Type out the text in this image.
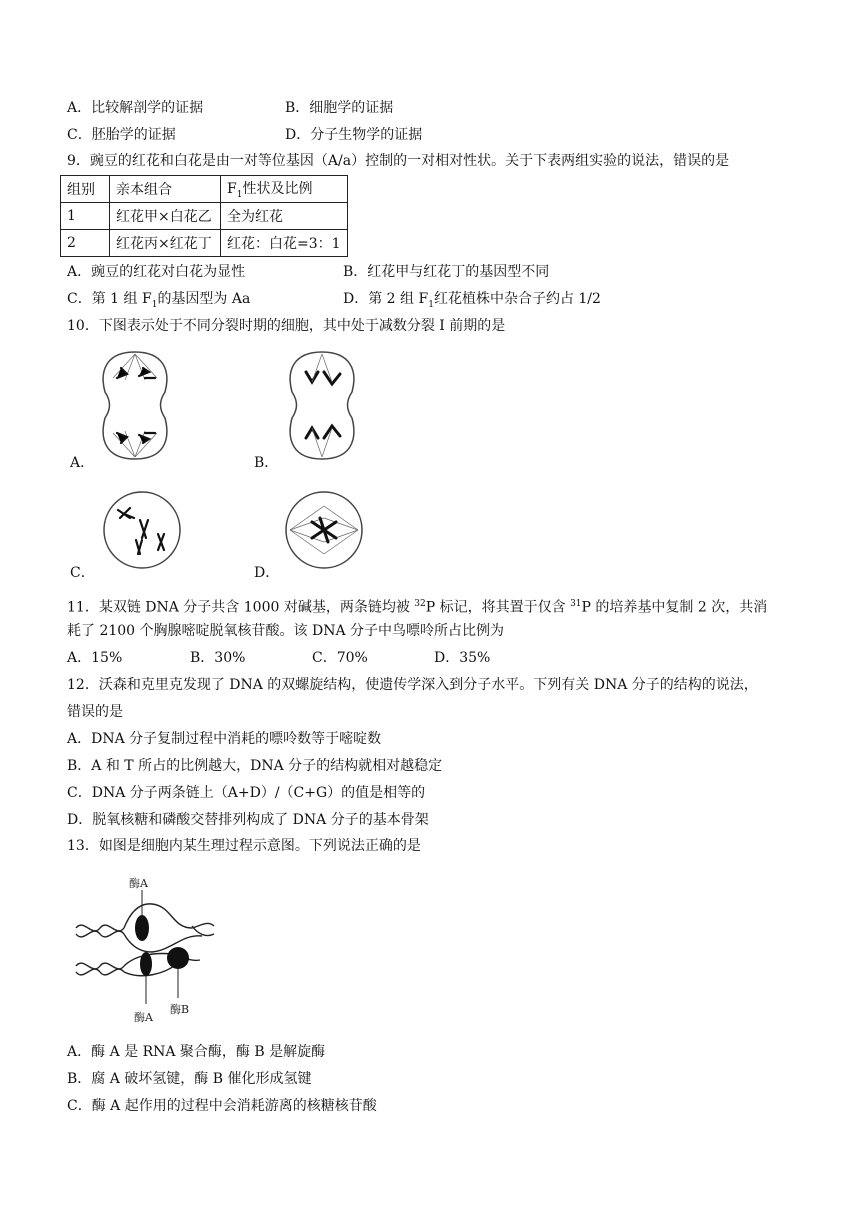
A．比较解剖学的证据	B．细胞学的证据
C．胚胎学的证据	D．分子生物学的证据
9．豌豆的红花和白花是由一对等位基因（A/a）控制的一对相对性状。关于下表两组实验的说法，错误的是
组别	亲本组合	$F_1$性状及比例
1	红花甲×白花乙	全为红花
2	红花丙×红花丁	红花：白花=3：1
A．豌豆的红花对白花为显性	B．红花甲与红花丁的基因型不同
C．第 1 组 $F_1$的基因型为 Aa	D．第 2 组 $F_1$红花植株中杂合子约占 1/2
10．下图表示处于不同分裂时期的细胞，其中处于减数分裂 I 前期的是
A．	B．
C．	D．
11．某双链 DNA 分子共含 1000 对碱基，两条链均被 $^{32}$P 标记，将其置于仅含 $^{31}$P 的培养基中复制 2 次，共消
耗了 2100 个胸腺嘧啶脱氧核苷酸。该 DNA 分子中鸟嘌呤所占比例为
A．15%	B．30%	C．70%	D．35%
12．沃森和克里克发现了 DNA 的双螺旋结构，使遗传学深入到分子水平。下列有关 DNA 分子的结构的说法，
错误的是
A．DNA 分子复制过程中消耗的嘌呤数等于嘧啶数
B．A 和 T 所占的比例越大，DNA 分子的结构就相对越稳定
C．DNA 分子两条链上（A+D）/（C+G）的值是相等的
D．脱氧核糖和磷酸交替排列构成了 DNA 分子的基本骨架
13．如图是细胞内某生理过程示意图。下列说法正确的是
酶A
酶A
酶B
A．酶 A 是 RNA 聚合酶，酶 B 是解旋酶
B．腐 A 破坏氢键，酶 B 催化形成氢键
C．酶 A 起作用的过程中会消耗游离的核糖核苷酸
